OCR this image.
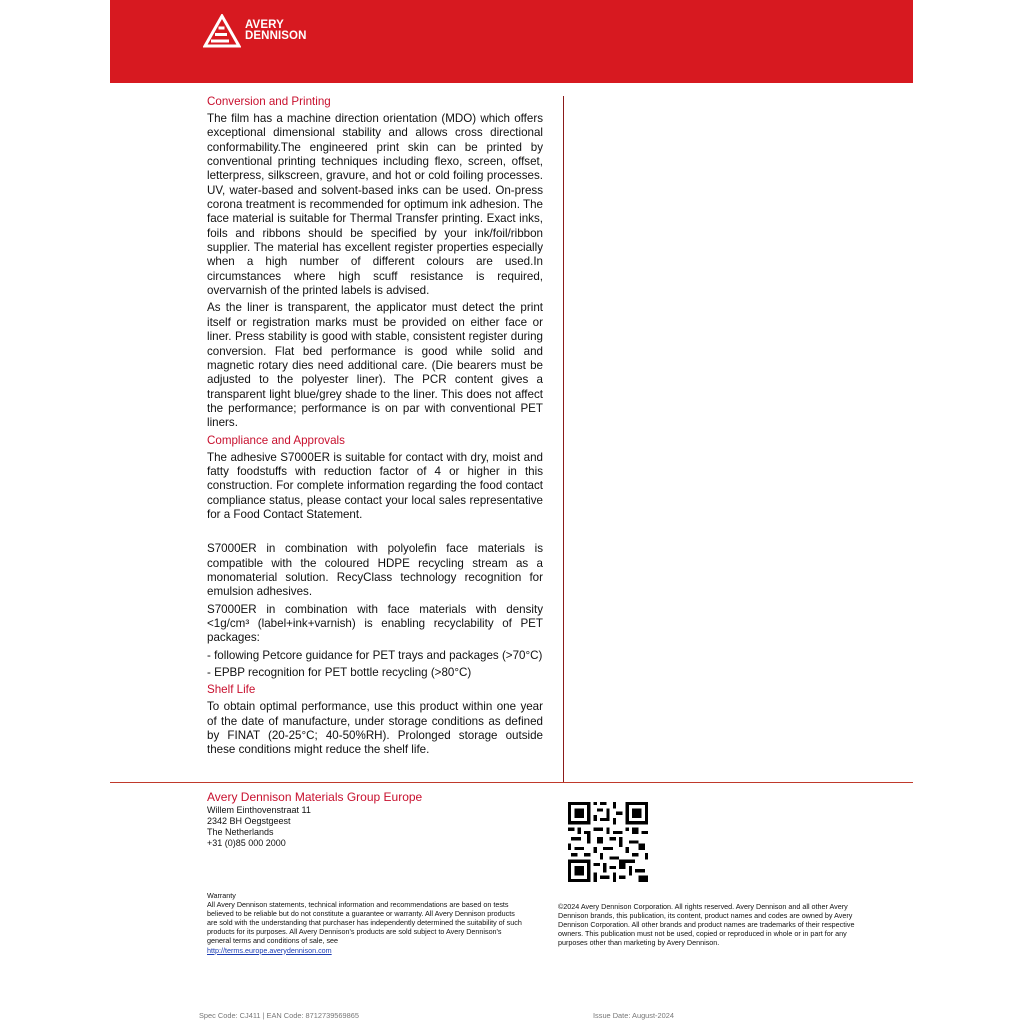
AVERY
DENNISON
Conversion and Printing

The film has a machine direction orientation (MDO) which offers exceptional dimensional stability and allows cross directional conformability.The engineered print skin can be printed by conventional printing techniques including flexo, screen, offset, letterpress, silkscreen, gravure, and hot or cold foiling processes. UV, water-based and solvent-based inks can be used. On-press corona treatment is recommended for optimum ink adhesion. The face material is suitable for Thermal Transfer printing. Exact inks, foils and ribbons should be specified by your ink/foil/ribbon supplier. The material has excellent register properties especially when a high number of different colours are used.In circumstances where high scuff resistance is required, overvarnish of the printed labels is advised.

As the liner is transparent, the applicator must detect the print itself or registration marks must be provided on either face or liner. Press stability is good with stable, consistent register during conversion. Flat bed performance is good while solid and magnetic rotary dies need additional care. (Die bearers must be adjusted to the polyester liner). The PCR content gives a transparent light blue/grey shade to the liner. This does not affect the performance; performance is on par with conventional PET liners.

Compliance and Approvals

The adhesive S7000ER is suitable for contact with dry, moist and fatty foodstuffs with reduction factor of 4 or higher in this construction. For complete information regarding the food contact compliance status, please contact your local sales representative for a Food Contact Statement.

S7000ER in combination with polyolefin face materials is compatible with the coloured HDPE recycling stream as a monomaterial solution. RecyClass technology recognition for emulsion adhesives.

S7000ER in combination with face materials with density <1g/cm³ (label+ink+varnish) is enabling recyclability of PET packages:

- following Petcore guidance for PET trays and packages (>70°C)

- EPBP recognition for PET bottle recycling (>80°C)

Shelf Life

To obtain optimal performance, use this product within one year of the date of manufacture, under storage conditions as defined by FINAT (20-25°C; 40-50%RH). Prolonged storage outside these conditions might reduce the shelf life.

Avery Dennison Materials Group Europe
Willem Einthovenstraat 11
2342 BH Oegstgeest
The Netherlands
+31 (0)85 000 2000
Warranty
All Avery Dennison statements, technical information and recommendations are based on tests believed to be reliable but do not constitute a guarantee or warranty. All Avery Dennison products are sold with the understanding that purchaser has independently determined the suitability of such products for its purposes. All Avery Dennison's products are sold subject to Avery Dennison's general terms and conditions of sale, see
http://terms.europe.averydennison.com
©2024 Avery Dennison Corporation. All rights reserved. Avery Dennison and all other Avery Dennison brands, this publication, its content, product names and codes are owned by Avery Dennison Corporation. All other brands and product names are trademarks of their respective owners. This publication must not be used, copied or reproduced in whole or in part for any purposes other than marketing by Avery Dennison.
Spec Code: CJ411 | EAN Code: 8712739569865	Issue Date: August-2024
